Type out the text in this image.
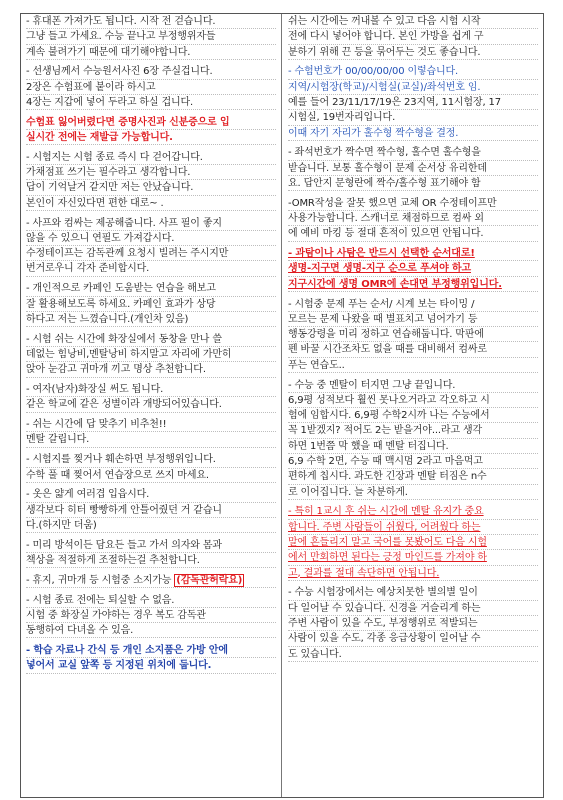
- 휴대폰 가져가도 됩니다. 시작 전 걷습니다.
그냥 들고 가세요. 수능 끝나고 부정행위자들
계속 불려가기 때문에 대기해야합니다.
- 선생님께서 수능원서사진 6장 주실겁니다.
2장은 수험표에 붙이라 하시고
4장는 지갑에 넣어 두라고 하실 겁니다.
수험표 잃어버렸다면 증명사진과 신분증으로 입
실시간 전에는 재발급 가능합니다.
- 시험지는 시험 종료 즉시 다 걷어갑니다.
가채점표 쓰기는 필수라고 생각합니다.
답이 기억날거 같지만 저는 안났습니다.
본인이 자신있다면 편한 대로~ .
- 사프와 컴싸는 제공해줍니다. 사프 필이 좋지
않을 수 있으니 연필도 가져갑시다.
수정테이프는 감독관께 요청시 빌려는 주시지만
번거로우니 각자 준비합시다.
- 개인적으로 카페인 도움받는 연습을 해보고
잘 활용해보도록 하세요. 카페인 효과가 상당
하다고 저는 느꼈습니다.(개인차 있음)
- 시험 쉬는 시간에 화장실에서 동창을 만나 쓸
데없는 힘낭비,멘탈낭비 하지말고 자리에 가만히
앉아 눈감고 귀마개 끼고 명상 추천합니다.
- 여자(남자)화장실 써도 됩니다.
같은 학교에 같은 성별이라 개방되어있습니다.
- 쉬는 시간에 답 맞추기 비추천!!
멘탈 갈립니다.
- 시험지를 찢거나 훼손하면 부정행위입니다.
수학 풀 때 찢어서 연습장으로 쓰지 마세요.
- 옷은 얇게 여러겹 입읍시다.
생각보다 히터 빵빵하게 안틀어줬던 거 같습니
다.(하지만 더움)
- 미리 방석이든 담요든 들고 가서 의자와 몸과
책상을 적절하게 조절하는걸 추천합니다.
- 휴지, 귀마개 등 시험중 소지가능 (감독관허락요)
- 시험 종료 전에는 퇴실할 수 없음.
시험 중 화장실 가야하는 경우 복도 감독관
동행하여 다녀올 수 있음.
- 학습 자료나 간식 등 개인 소지품은 가방 안에
넣어서 교실 앞쪽 등 지정된 위치에 둡니다.
쉬는 시간에는 꺼내볼 수 있고 다음 시험 시작
전에 다시 넣어야 합니다. 본인 가방을 쉽게 구
분하기 위해 끈 등을 묶어두는 것도 좋습니다.
- 수험번호가 00/00/00/00 이렇습니다.
지역/시험장(학교)/시험실(교실)/좌석번호 임.
예를 들어 23/11/17/19은 23지역, 11시험장, 17
시험실, 19번자리입니다.
이때 자기 자리가 홀수형 짝수형을 결정.
- 좌석번호가 짝수면 짝수형, 홀수면 홀수형을
받습니다. 보통 홀수형이 문제 순서상 유리한데
요. 답안지 문형란에 짝수/홀수형 표기해야 함
-OMR작성을 잘못 했으면 교체 OR 수정테이프만
사용가능합니다. 스캐너로 채점하므로 컴싸 외
에 예비 마킹 등 절대 흔적이 있으면 안됩니다.
- 과탐이나 사탐은 반드시 선택한 순서대로!
생명-지구면 생명-지구 순으로 푸셔야 하고
지구시간에 생명 OMR에 손대면 부정행위입니다.
- 시험중 문제 푸는 순서/ 시계 보는 타이밍 /
모르는 문제 나왔을 때 별표치고 넘어가기 등
행동강령을 미리 정하고 연습해둡니다. 막판에
펜 바꿀 시간조차도 없을 때를 대비해서 컴싸로
푸는 연습도..
- 수능 중 멘탈이 터지면 그냥 끝입니다.
6,9평 성적보다 훨씬 못나오거라고 각오하고 시
험에 임합시다. 6,9평 수학2시까 나는 수능에서
꼭 1받겠지? 적어도 2는 받을거야...라고 생각
하면 1번쯤 막 했을 때 멘탈 터집니다.
6,9 수학 2면, 수능 때 맥시멈 2라고 마음먹고
편하게 칩시다. 과도한 긴장과 멘탈 터짐은 n수
로 이어집니다. 늘 차분하게.
- 특히 1교시 후 쉬는 시간에 멘탈 유지가 중요
합니다. 주변 사람들이 쉬웠다, 어려웠다 하는
말에 흔들리지 말고 국어를 못봤어도 다음 시험
에서 만회하면 된다는 긍정 마인드를 가져야 하
고, 결과를 절대 속단하면 안됩니다.
- 수능 시험장에서는 예상치못한 별의별 일이
다 일어날 수 있습니다. 신경을 거슬리게 하는
주변 사람이 있을 수도, 부정행위로 적발되는
사람이 있을 수도, 각종 응급상황이 일어날 수
도 있습니다.
